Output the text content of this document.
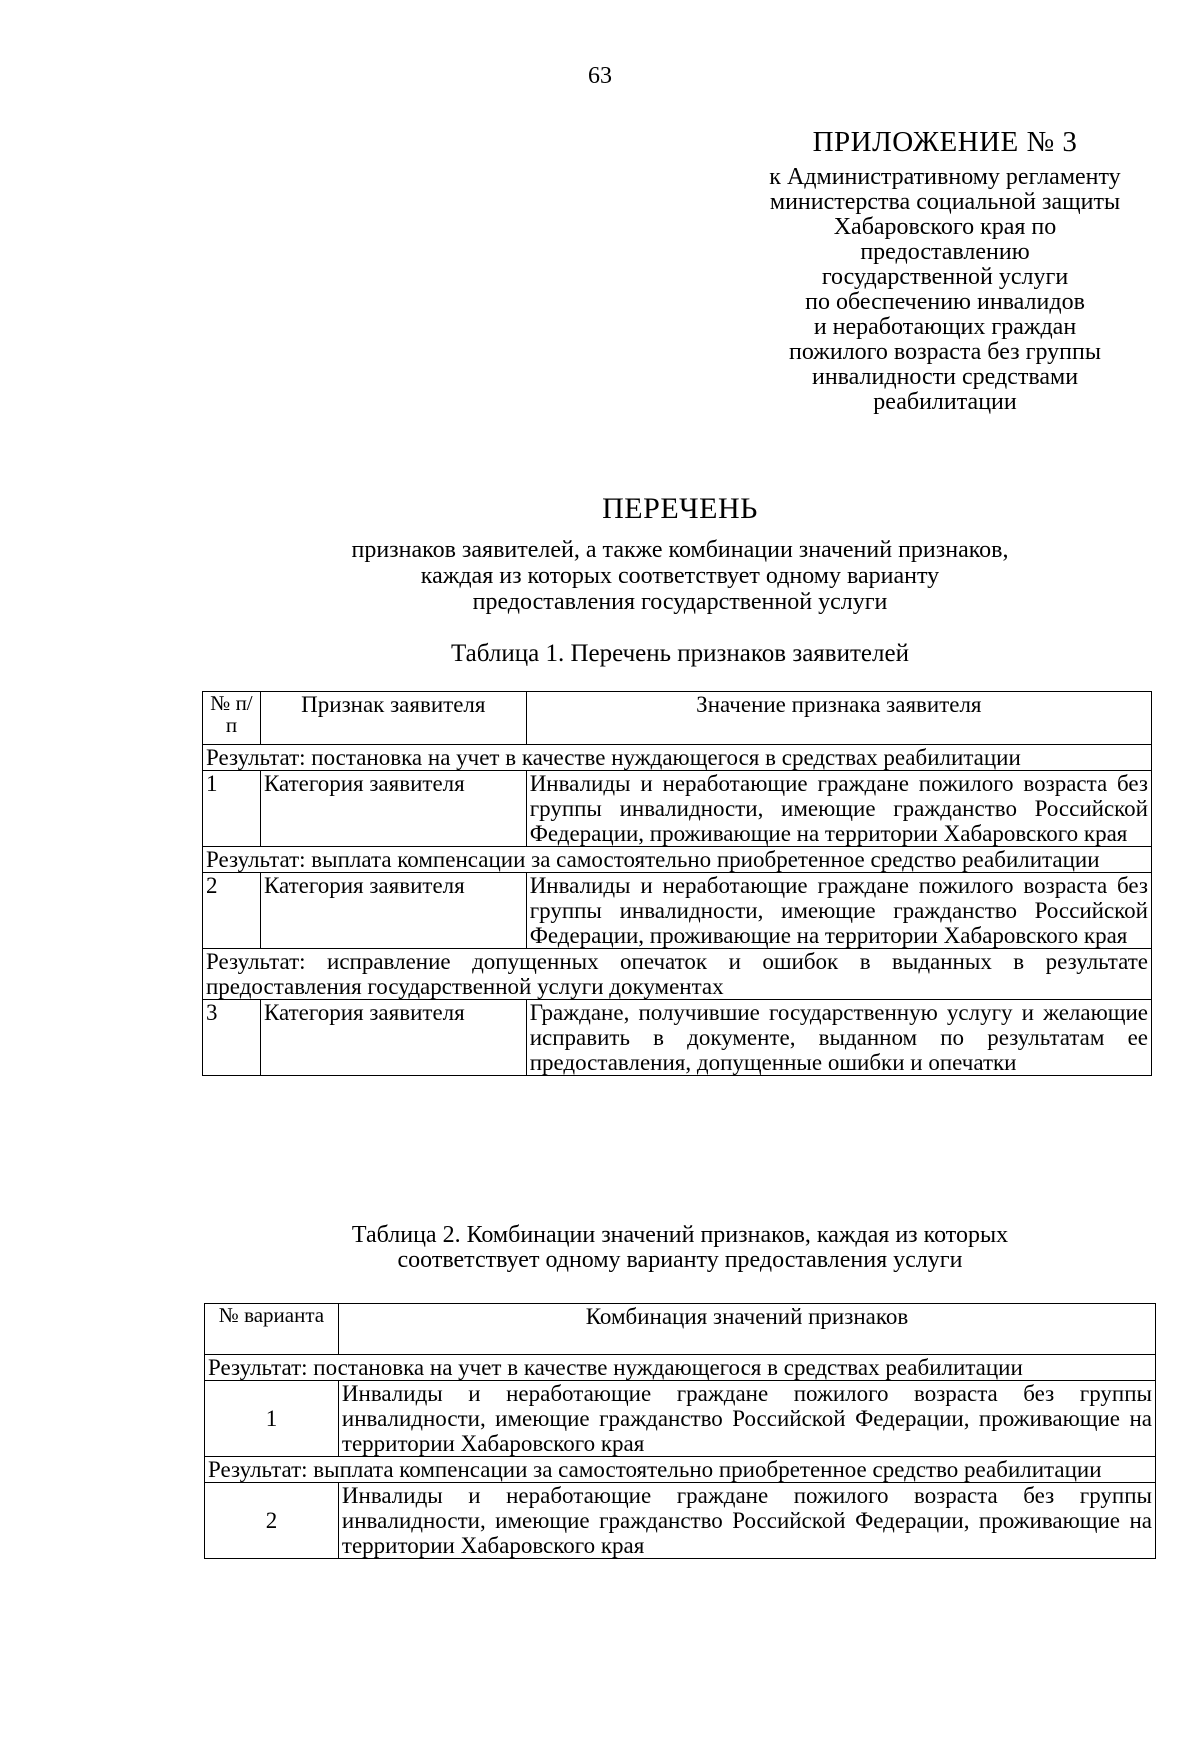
63
ПРИЛОЖЕНИЕ № 3
к Административному регламенту
министерства социальной защиты
Хабаровского края по
предоставлению
государственной услуги
по обеспечению инвалидов
и неработающих граждан
пожилого возраста без группы
инвалидности средствами
реабилитации
ПЕРЕЧЕНЬ
признаков заявителей, а также комбинации значений признаков,
каждая из которых соответствует одному варианту
предоставления государственной услуги
Таблица 1. Перечень признаков заявителей
№ п/п	Признак заявителя	Значение признака заявителя
Результат: постановка на учет в качестве нуждающегося в средствах реабилитации		
1	Категория заявителя	Инвалиды и неработающие граждане пожилого возраста без группы инвалидности, имеющие гражданство Российской Федерации, проживающие на территории Хабаровского края
Результат: выплата компенсации за самостоятельно приобретенное средство реабилитации		
2	Категория заявителя	Инвалиды и неработающие граждане пожилого возраста без группы инвалидности, имеющие гражданство Российской Федерации, проживающие на территории Хабаровского края
Результат: исправление допущенных опечаток и ошибок в выданных в результате предоставления государственной услуги документах		
3	Категория заявителя	Граждане, получившие государственную услугу и желающие исправить в документе, выданном по результатам ее предоставления, допущенные ошибки и опечатки
Таблица 2. Комбинации значений признаков, каждая из которых
соответствует одному варианту предоставления услуги
№ варианта	Комбинация значений признаков
Результат: постановка на учет в качестве нуждающегося в средствах реабилитации	
1	Инвалиды и неработающие граждане пожилого возраста без группы инвалидности, имеющие гражданство Российской Федерации, проживающие на территории Хабаровского края
Результат: выплата компенсации за самостоятельно приобретенное средство реабилитации	
2	Инвалиды и неработающие граждане пожилого возраста без группы инвалидности, имеющие гражданство Российской Федерации, проживающие на территории Хабаровского края
